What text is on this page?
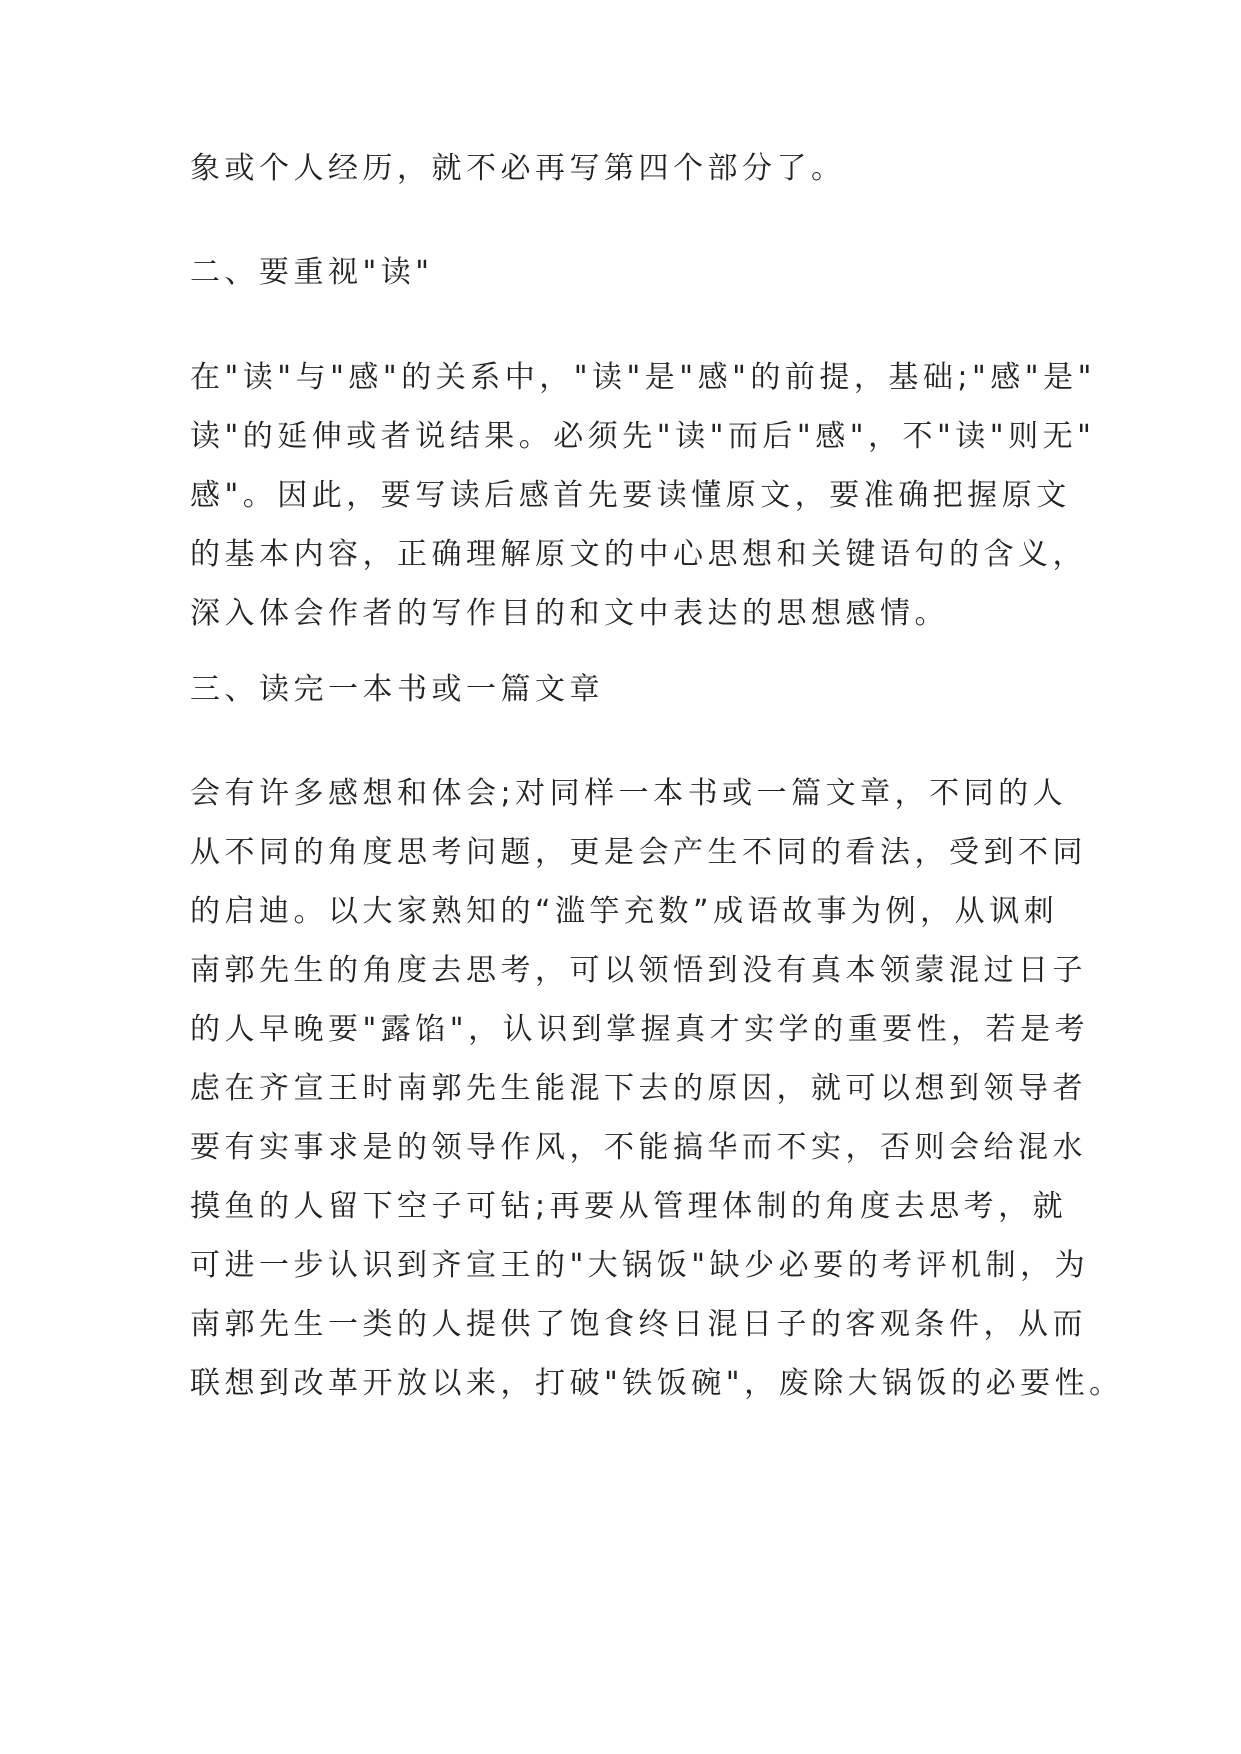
象或个人经历，就不必再写第四个部分了。
二、要重视"读"
在"读"与"感"的关系中，"读"是"感"的前提，基础;"感"是"
读"的延伸或者说结果。必须先"读"而后"感"，不"读"则无"
感"。因此，要写读后感首先要读懂原文，要准确把握原文
的基本内容，正确理解原文的中心思想和关键语句的含义，
深入体会作者的写作目的和文中表达的思想感情。
三、读完一本书或一篇文章
会有许多感想和体会;对同样一本书或一篇文章，不同的人
从不同的角度思考问题，更是会产生不同的看法，受到不同
的启迪。以大家熟知的“滥竽充数”成语故事为例，从讽刺
南郭先生的角度去思考，可以领悟到没有真本领蒙混过日子
的人早晚要"露馅"，认识到掌握真才实学的重要性，若是考
虑在齐宣王时南郭先生能混下去的原因，就可以想到领导者
要有实事求是的领导作风，不能搞华而不实，否则会给混水
摸鱼的人留下空子可钻;再要从管理体制的角度去思考，就
可进一步认识到齐宣王的"大锅饭"缺少必要的考评机制，为
南郭先生一类的人提供了饱食终日混日子的客观条件，从而
联想到改革开放以来，打破"铁饭碗"，废除大锅饭的必要性。
